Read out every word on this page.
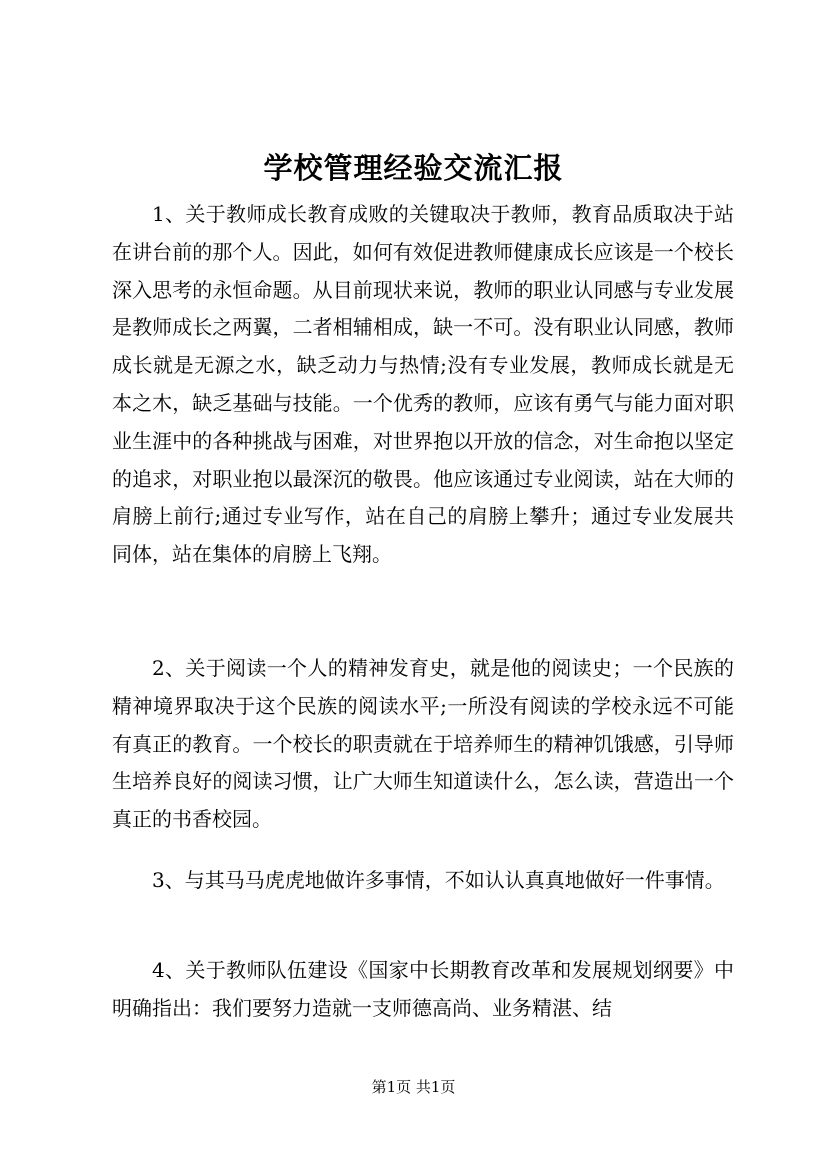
学校管理经验交流汇报
1、关于教师成长教育成败的关键取决于教师，教育品质取决于站在讲台前的那个人。因此，如何有效促进教师健康成长应该是一个校长深入思考的永恒命题。从目前现状来说，教师的职业认同感与专业发展是教师成长之两翼，二者相辅相成，缺一不可。没有职业认同感，教师成长就是无源之水，缺乏动力与热情;没有专业发展，教师成长就是无本之木，缺乏基础与技能。一个优秀的教师，应该有勇气与能力面对职业生涯中的各种挑战与困难，对世界抱以开放的信念，对生命抱以坚定的追求，对职业抱以最深沉的敬畏。他应该通过专业阅读，站在大师的肩膀上前行;通过专业写作，站在自己的肩膀上攀升；通过专业发展共同体，站在集体的肩膀上飞翔。
2、关于阅读一个人的精神发育史，就是他的阅读史；一个民族的精神境界取决于这个民族的阅读水平;一所没有阅读的学校永远不可能有真正的教育。一个校长的职责就在于培养师生的精神饥饿感，引导师生培养良好的阅读习惯，让广大师生知道读什么，怎么读，营造出一个真正的书香校园。
3、与其马马虎虎地做许多事情，不如认认真真地做好一件事情。
4、关于教师队伍建设《国家中长期教育改革和发展规划纲要》中明确指出：我们要努力造就一支师德高尚、业务精湛、结
第1页 共1页
